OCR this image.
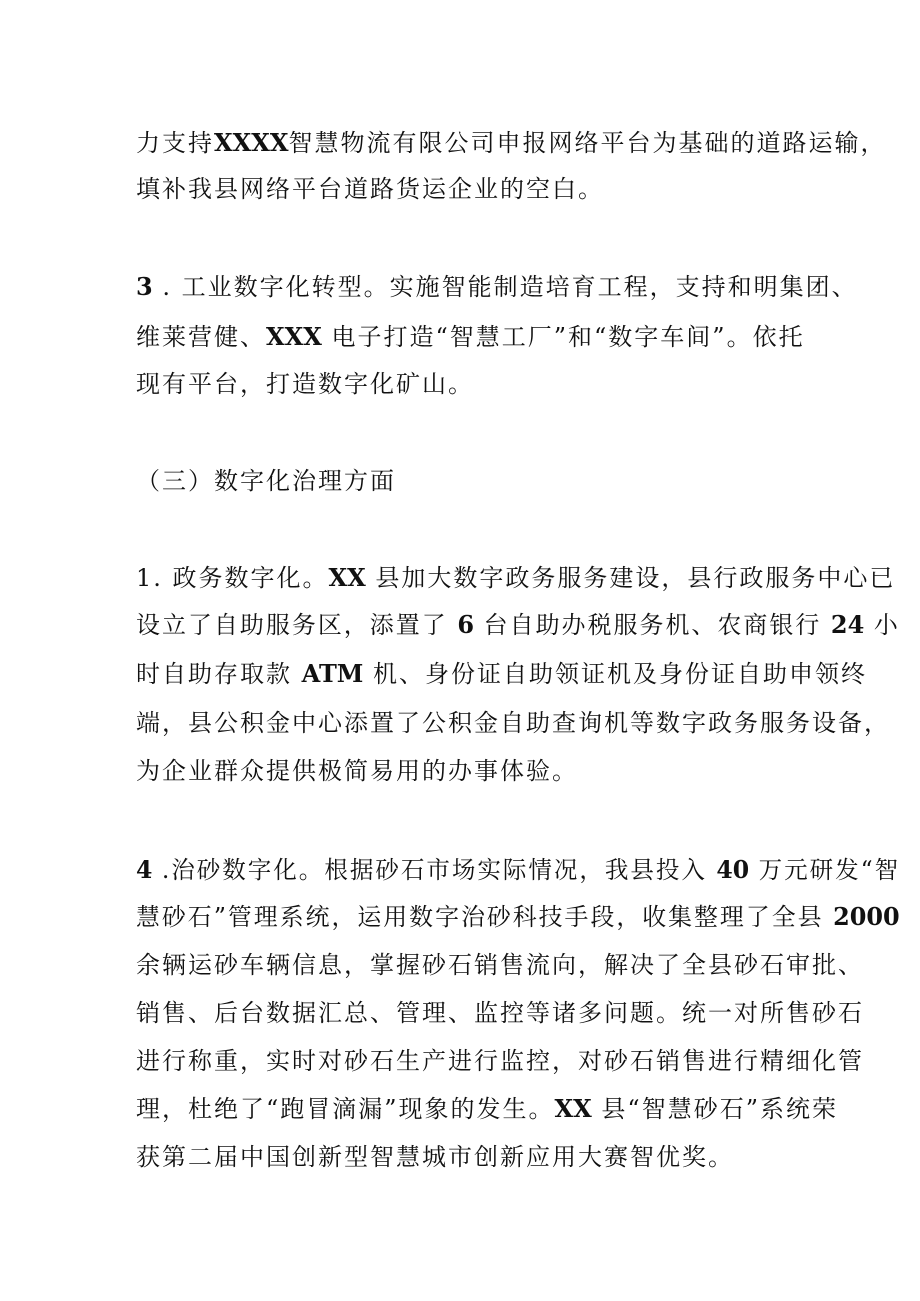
力支持XXXX智慧物流有限公司申报网络平台为基础的道路运输，
填补我县网络平台道路货运企业的空白。
3 . 工业数字化转型。实施智能制造培育工程，支持和明集团、
维莱营健、XXX 电子打造“智慧工厂”和“数字车间”。依托
现有平台，打造数字化矿山。
（三）数字化治理方面
1. 政务数字化。XX 县加大数字政务服务建设，县行政服务中心已
设立了自助服务区，添置了 6 台自助办税服务机、农商银行 24 小
时自助存取款 ATM 机、身份证自助领证机及身份证自助申领终
端，县公积金中心添置了公积金自助查询机等数字政务服务设备，
为企业群众提供极简易用的办事体验。
4 .治砂数字化。根据砂石市场实际情况，我县投入 40 万元研发“智
慧砂石”管理系统，运用数字治砂科技手段，收集整理了全县 2000
余辆运砂车辆信息，掌握砂石销售流向，解决了全县砂石审批、
销售、后台数据汇总、管理、监控等诸多问题。统一对所售砂石
进行称重，实时对砂石生产进行监控，对砂石销售进行精细化管
理，杜绝了“跑冒滴漏”现象的发生。XX 县“智慧砂石”系统荣
获第二届中国创新型智慧城市创新应用大赛智优奖。
